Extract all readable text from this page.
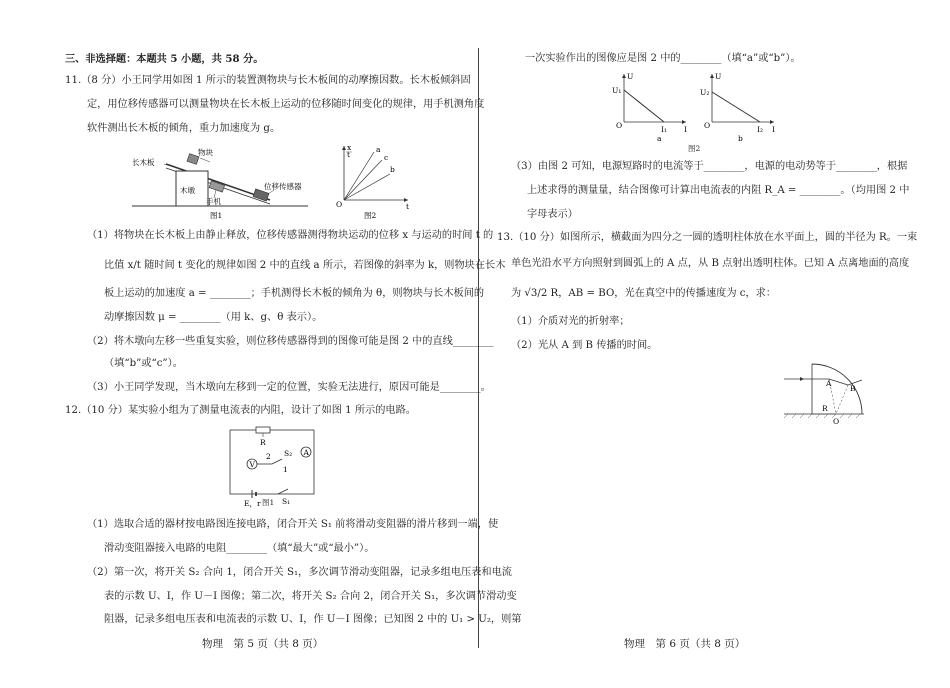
三、非选择题：本题共 5 小题，共 58 分。
11.（8 分）小王同学用如图 1 所示的装置测物块与长木板间的动摩擦因数。长木板倾斜固
定，用位移传感器可以测量物块在长木板上运动的位移随时间变化的规律，用手机测角度
软件测出长木板的倾角，重力加速度为 g。
长木板
物块
木墩
手机
位移传感器
图1
x
t
t
O
a
c
b
图2
（1）将物块在长木板上由静止释放，位移传感器测得物块运动的位移 x 与运动的时间 t 的
比值 x/t 随时间 t 变化的规律如图 2 中的直线 a 所示，若图像的斜率为 k，则物块在长木
板上运动的加速度 a = ________；手机测得长木板的倾角为 θ，则物块与长木板间的
动摩擦因数 μ = ________（用 k、g、θ 表示）。
（2）将木墩向左移一些重复实验，则位移传感器得到的图像可能是图 2 中的直线________
（填“b”或“c”）。
（3）小王同学发现，当木墩向左移到一定的位置，实验无法进行，原因可能是________。
12.（10 分）某实验小组为了测量电流表的内阻，设计了如图 1 所示的电路。
R
V
A
S₂
2
1
E，r	S₁
图1
（1）选取合适的器材按电路图连接电路，闭合开关 S₁ 前将滑动变阻器的滑片移到一端，使
滑动变阻器接入电路的电阻________（填“最大”或“最小”）。
（2）第一次，将开关 S₂ 合向 1，闭合开关 S₁，多次调节滑动变阻器，记录多组电压表和电流
表的示数 U、I，作 U－I 图像；第二次，将开关 S₂ 合向 2，闭合开关 S₁，多次调节滑动变
阻器，记录多组电压表和电流表的示数 U、I，作 U－I 图像；已知图 2 中的 U₁ > U₂，则第
物理　第 5 页（共 8 页）
一次实验作出的图像应是图 2 中的________（填“a”或“b”）。
U
U₁
O	I₁ I
a
U
U₂
O	I₂ I
b
图2
（3）由图 2 可知，电源短路时的电流等于________，电源的电动势等于________，根据
上述求得的测量量，结合图像可计算出电流表的内阻 R_A = ________。（均用图 2 中
字母表示）
13.（10 分）如图所示，横截面为四分之一圆的透明柱体放在水平面上，圆的半径为 R。一束
单色光沿水平方向照射到圆弧上的 A 点，从 B 点射出透明柱体。已知 A 点离地面的高度
为 √3/2 R，AB = BO，光在真空中的传播速度为 c，求：
（1）介质对光的折射率；
（2）光从 A 到 B 传播的时间。
A
B
R
O
物理　第 6 页（共 8 页）
